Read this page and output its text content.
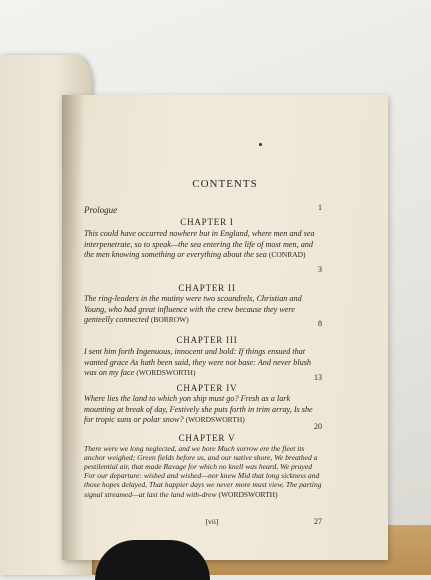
CONTENTS
Prologue	1
CHAPTER I
This could have occurred nowhere but in England, where men and sea interpenetrate, so to speak—the sea entering the life of most men, and the men knowing something or everything about the sea (CONRAD)
3
CHAPTER II
The ring-leaders in the mutiny were two scoundrels, Christian and Young, who had great influence with the crew because they were genteelly connected (BORROW)	8
CHAPTER III
I sent him forth Ingenuous, innocent and bold: If things ensued that wanted grace As hath been said, they were not base: And never blush was on my face (WORDSWORTH)
13
CHAPTER IV
Where lies the land to which yon ship must go? Fresh as a lark mounting at break of day, Festively she puts forth in trim array, Is she for tropic suns or polar snow? (WORDSWORTH)
20
CHAPTER V
There were we long neglected, and we bore Much sorrow ere the fleet its anchor weighed; Green fields before us, and our native shore, We breathed a pestilential air, that made Ravage for which no knell was heard, We prayed For our departure: wished and wished—nor knew Mid that long sickness and those hopes delayed, That happier days we never more must view, The parting signal streamed—at last the land with-drew (WORDSWORTH)
27
[vii]
